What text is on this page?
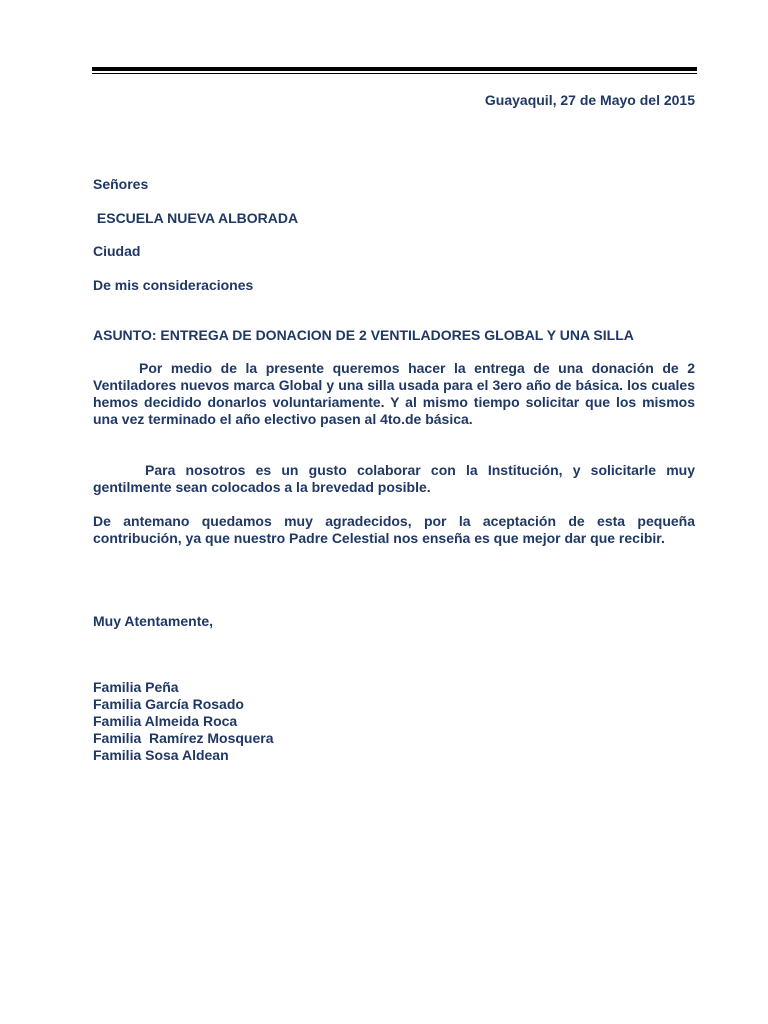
Guayaquil, 27 de Mayo del 2015
Señores
ESCUELA NUEVA ALBORADA
Ciudad
De mis consideraciones
ASUNTO: ENTREGA DE DONACION DE 2 VENTILADORES GLOBAL Y UNA SILLA
Por medio de la presente queremos hacer la entrega de una donación de 2 Ventiladores nuevos marca Global y una silla usada para el 3ero año de básica. los cuales hemos decidido donarlos voluntariamente. Y al mismo tiempo solicitar que los mismos una vez terminado el año electivo pasen al 4to.de básica.
Para nosotros es un gusto colaborar con la Institución, y solicitarle muy gentilmente sean colocados a la brevedad posible.
De antemano quedamos muy agradecidos, por la aceptación de esta pequeña contribución, ya que nuestro Padre Celestial nos enseña es que mejor dar que recibir.
Muy Atentamente,
Familia Peña
Familia García Rosado
Familia Almeida Roca
Familia  Ramírez Mosquera
Familia Sosa Aldean
